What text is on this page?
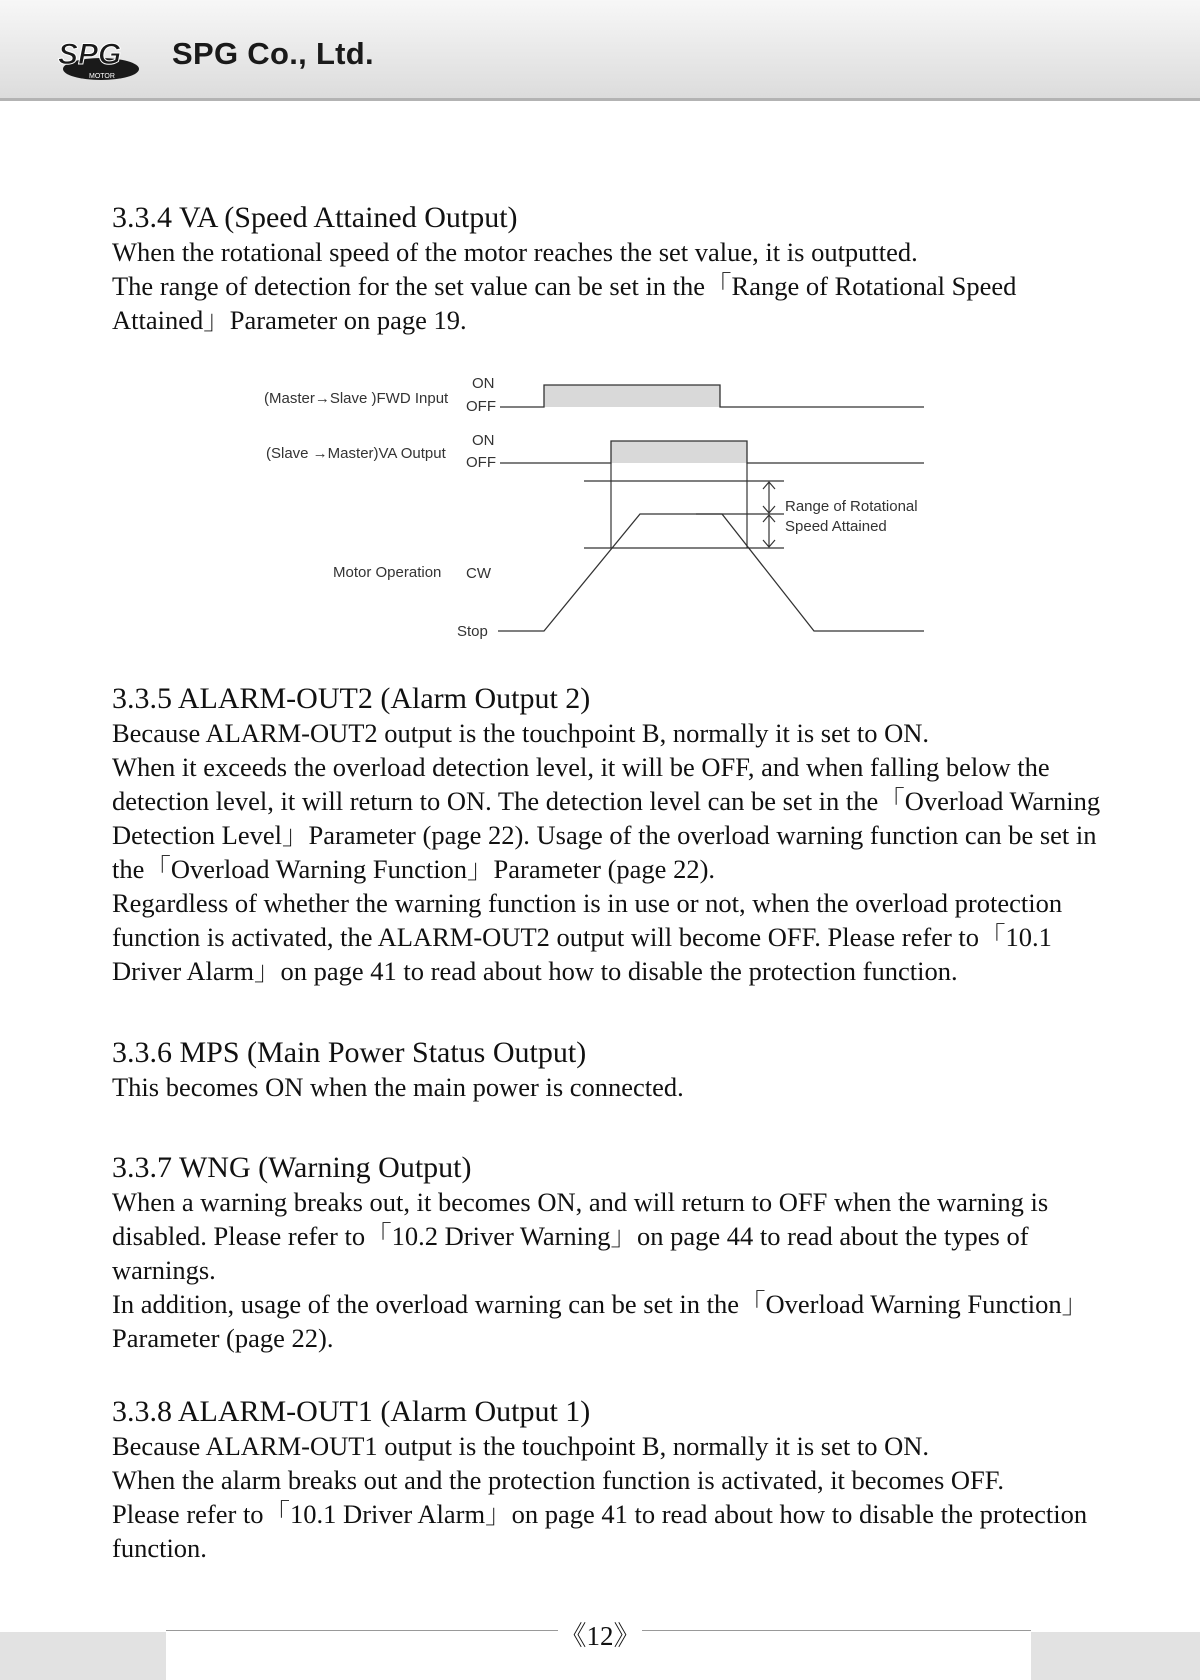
SPG
MOTOR
SPG Co., Ltd.
3.3.4 VA (Speed Attained Output)
When the rotational speed of the motor reaches the set value, it is outputted.
The range of detection for the set value can be set in the「Range of Rotational Speed
Attained」Parameter on page 19.
(Master→Slave )FWD Input
ON
OFF
(Slave →Master)VA Output
ON
OFF
Range of Rotational
Speed Attained
Motor Operation CW
Stop
3.3.5 ALARM-OUT2 (Alarm Output 2)
Because ALARM-OUT2 output is the touchpoint B, normally it is set to ON.
When it exceeds the overload detection level, it will be OFF, and when falling below the
detection level, it will return to ON. The detection level can be set in the「Overload Warning
Detection Level」Parameter (page 22). Usage of the overload warning function can be set in
the「Overload Warning Function」Parameter (page 22).
Regardless of whether the warning function is in use or not, when the overload protection
function is activated, the ALARM-OUT2 output will become OFF. Please refer to「10.1
Driver Alarm」on page 41 to read about how to disable the protection function.
3.3.6 MPS (Main Power Status Output)
This becomes ON when the main power is connected.
3.3.7 WNG (Warning Output)
When a warning breaks out, it becomes ON, and will return to OFF when the warning is
disabled. Please refer to「10.2 Driver Warning」on page 44 to read about the types of
warnings.
In addition, usage of the overload warning can be set in the「Overload Warning Function」
Parameter (page 22).
3.3.8 ALARM-OUT1 (Alarm Output 1)
Because ALARM-OUT1 output is the touchpoint B, normally it is set to ON.
When the alarm breaks out and the protection function is activated, it becomes OFF.
Please refer to「10.1 Driver Alarm」on page 41 to read about how to disable the protection
function.
《12》
